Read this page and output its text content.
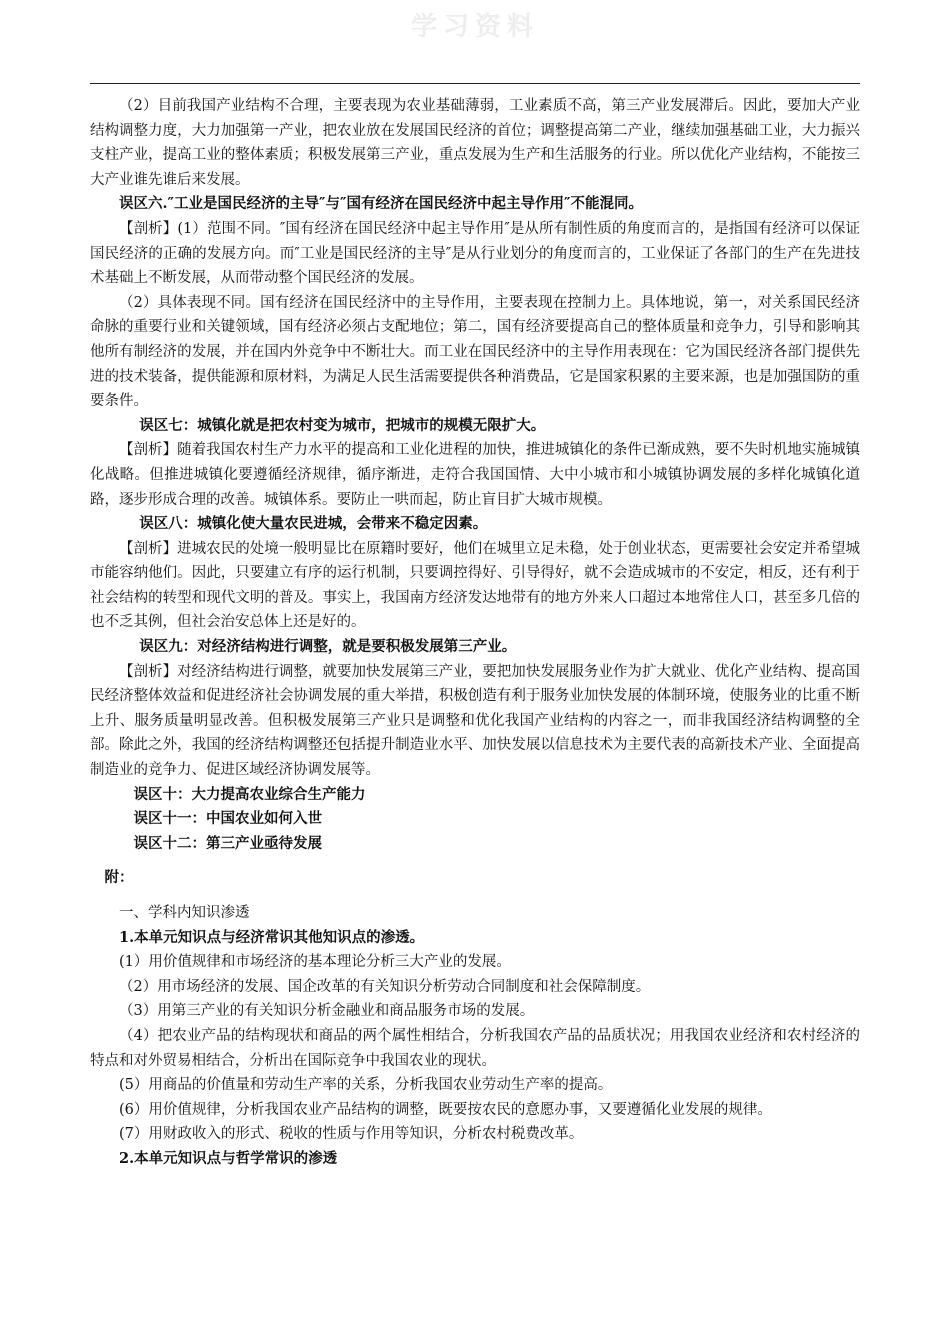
学习资料

（2）目前我国产业结构不合理，主要表现为农业基础薄弱，工业素质不高，第三产业发展滞后。因此，要加大产业结构调整力度，大力加强第一产业，把农业放在发展国民经济的首位；调整提高第二产业，继续加强基础工业，大力振兴支柱产业，提高工业的整体素质；积极发展第三产业，重点发展为生产和生活服务的行业。所以优化产业结构，不能按三大产业谁先谁后来发展。

误区六.″工业是国民经济的主导″与″国有经济在国民经济中起主导作用″不能混同。

【剖析】(1）范围不同。″国有经济在国民经济中起主导作用″是从所有制性质的角度而言的，是指国有经济可以保证国民经济的正确的发展方向。而″工业是国民经济的主导″是从行业划分的角度而言的，工业保证了各部门的生产在先进技术基础上不断发展，从而带动整个国民经济的发展。

（2）具体表现不同。国有经济在国民经济中的主导作用，主要表现在控制力上。具体地说，第一，对关系国民经济命脉的重要行业和关键领域，国有经济必须占支配地位；第二，国有经济要提高自己的整体质量和竞争力，引导和影响其他所有制经济的发展，并在国内外竞争中不断壮大。而工业在国民经济中的主导作用表现在：它为国民经济各部门提供先进的技术装备，提供能源和原材料，为满足人民生活需要提供各种消费品，它是国家积累的主要来源，也是加强国防的重要条件。

误区七：城镇化就是把农村变为城市，把城市的规模无限扩大。

【剖析】随着我国农村生产力水平的提高和工业化进程的加快，推进城镇化的条件已渐成熟，要不失时机地实施城镇化战略。但推进城镇化要遵循经济规律，循序渐进，走符合我国国情、大中小城市和小城镇协调发展的多样化城镇化道路，逐步形成合理的改善。城镇体系。要防止一哄而起，防止盲目扩大城市规模。

误区八：城镇化使大量农民进城，会带来不稳定因素。

【剖析】进城农民的处境一般明显比在原籍时要好，他们在城里立足未稳，处于创业状态，更需要社会安定并希望城市能容纳他们。因此，只要建立有序的运行机制，只要调控得好、引导得好，就不会造成城市的不安定，相反，还有利于社会结构的转型和现代文明的普及。事实上，我国南方经济发达地带有的地方外来人口超过本地常住人口，甚至多几倍的也不乏其例，但社会治安总体上还是好的。

误区九：对经济结构进行调整，就是要积极发展第三产业。

【剖析】对经济结构进行调整，就要加快发展第三产业，要把加快发展服务业作为扩大就业、优化产业结构、提高国民经济整体效益和促进经济社会协调发展的重大举措，积极创造有利于服务业加快发展的体制环境，使服务业的比重不断上升、服务质量明显改善。但积极发展第三产业只是调整和优化我国产业结构的内容之一，而非我国经济结构调整的全部。除此之外，我国的经济结构调整还包括提升制造业水平、加快发展以信息技术为主要代表的高新技术产业、全面提高制造业的竞争力、促进区域经济协调发展等。

误区十：大力提高农业综合生产能力

误区十一：中国农业如何入世

误区十二：第三产业亟待发展

附：

一、学科内知识渗透

1.本单元知识点与经济常识其他知识点的渗透。

(1）用价值规律和市场经济的基本理论分析三大产业的发展。

（2）用市场经济的发展、国企改革的有关知识分析劳动合同制度和社会保障制度。

（3）用第三产业的有关知识分析金融业和商品服务市场的发展。

（4）把农业产品的结构现状和商品的两个属性相结合，分析我国农产品的品质状况；用我国农业经济和农村经济的特点和对外贸易相结合，分析出在国际竞争中我国农业的现状。

(5）用商品的价值量和劳动生产率的关系，分析我国农业劳动生产率的提高。

(6）用价值规律，分析我国农业产品结构的调整，既要按农民的意愿办事，又要遵循化业发展的规律。

(7）用财政收入的形式、税收的性质与作用等知识，分析农村税费改革。

2.本单元知识点与哲学常识的渗透
